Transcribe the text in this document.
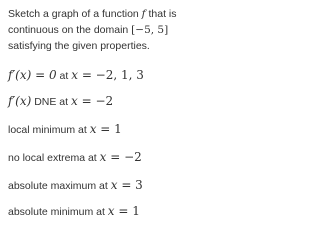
Sketch a graph of a function f that is continuous on the domain [−5, 5] satisfying the given properties.

f′(x) = 0 at x = −2, 1, 3

f′(x) DNE at x = −2

local minimum at x = 1

no local extrema at x = −2

absolute maximum at x = 3

absolute minimum at x = 1
